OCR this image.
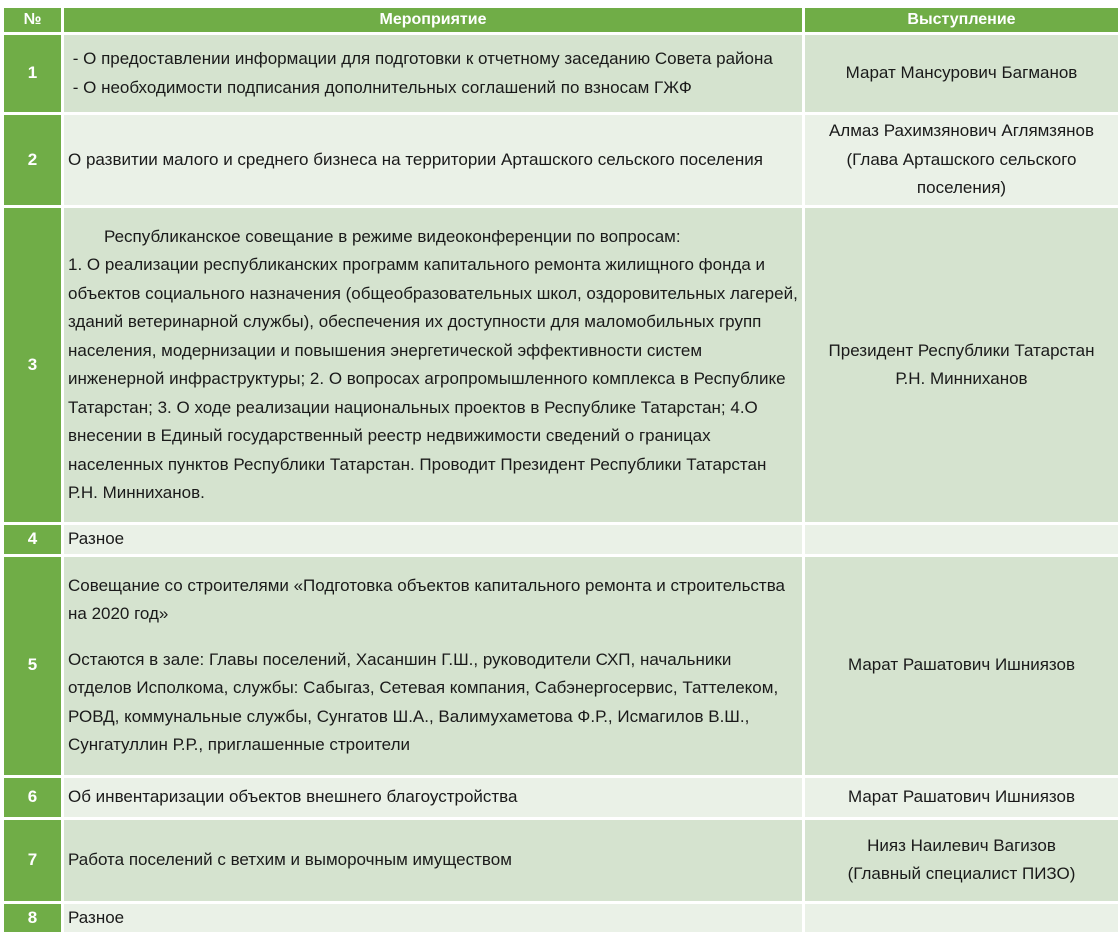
№	Мероприятие	Выступление
1	- О предоставлении информации для подготовки к отчетному заседанию Совета района
- О необходимости подписания дополнительных соглашений по взносам ГЖФ	Марат Мансурович Багманов

2	О развитии малого и среднего бизнеса на территории Арташского сельского поселения	Алмаз Рахимзянович Аглямзянов
(Глава Арташского сельского поселения)

3	Республиканское совещание в режиме видеоконференции по вопросам:
1. О реализации республиканских программ капитального ремонта жилищного фонда и объектов социального назначения (общеобразовательных школ, оздоровительных лагерей, зданий ветеринарной службы), обеспечения их доступности для маломобильных групп населения, модернизации и повышения энергетической эффективности систем инженерной инфраструктуры; 2. О вопросах агропромышленного комплекса в Республике Татарстан; 3. О ходе реализации национальных проектов в Республике Татарстан; 4.О внесении в Единый государственный реестр недвижимости сведений о границах населенных пунктов Республики Татарстан. Проводит Президент Республики Татарстан Р.Н. Минниханов.	Президент Республики Татарстан
Р.Н. Минниханов

4	Разное	

5	Совещание со строителями «Подготовка объектов капитального ремонта и строительства на 2020 год»
Остаются в зале: Главы поселений, Хасаншин Г.Ш., руководители СХП, начальники отделов Исполкома, службы: Сабыгаз, Сетевая компания, Сабэнергосервис, Таттелеком, РОВД, коммунальные службы, Сунгатов Ш.А., Валимухаметова Ф.Р., Исмагилов В.Ш., Сунгатуллин Р.Р., приглашенные строители	Марат Рашатович Ишниязов

6	Об инвентаризации объектов внешнего благоустройства	Марат Рашатович Ишниязов

7	Работа поселений с ветхим и выморочным имуществом	Нияз Наилевич Вагизов
(Главный специалист ПИЗО)

8	Разное	
